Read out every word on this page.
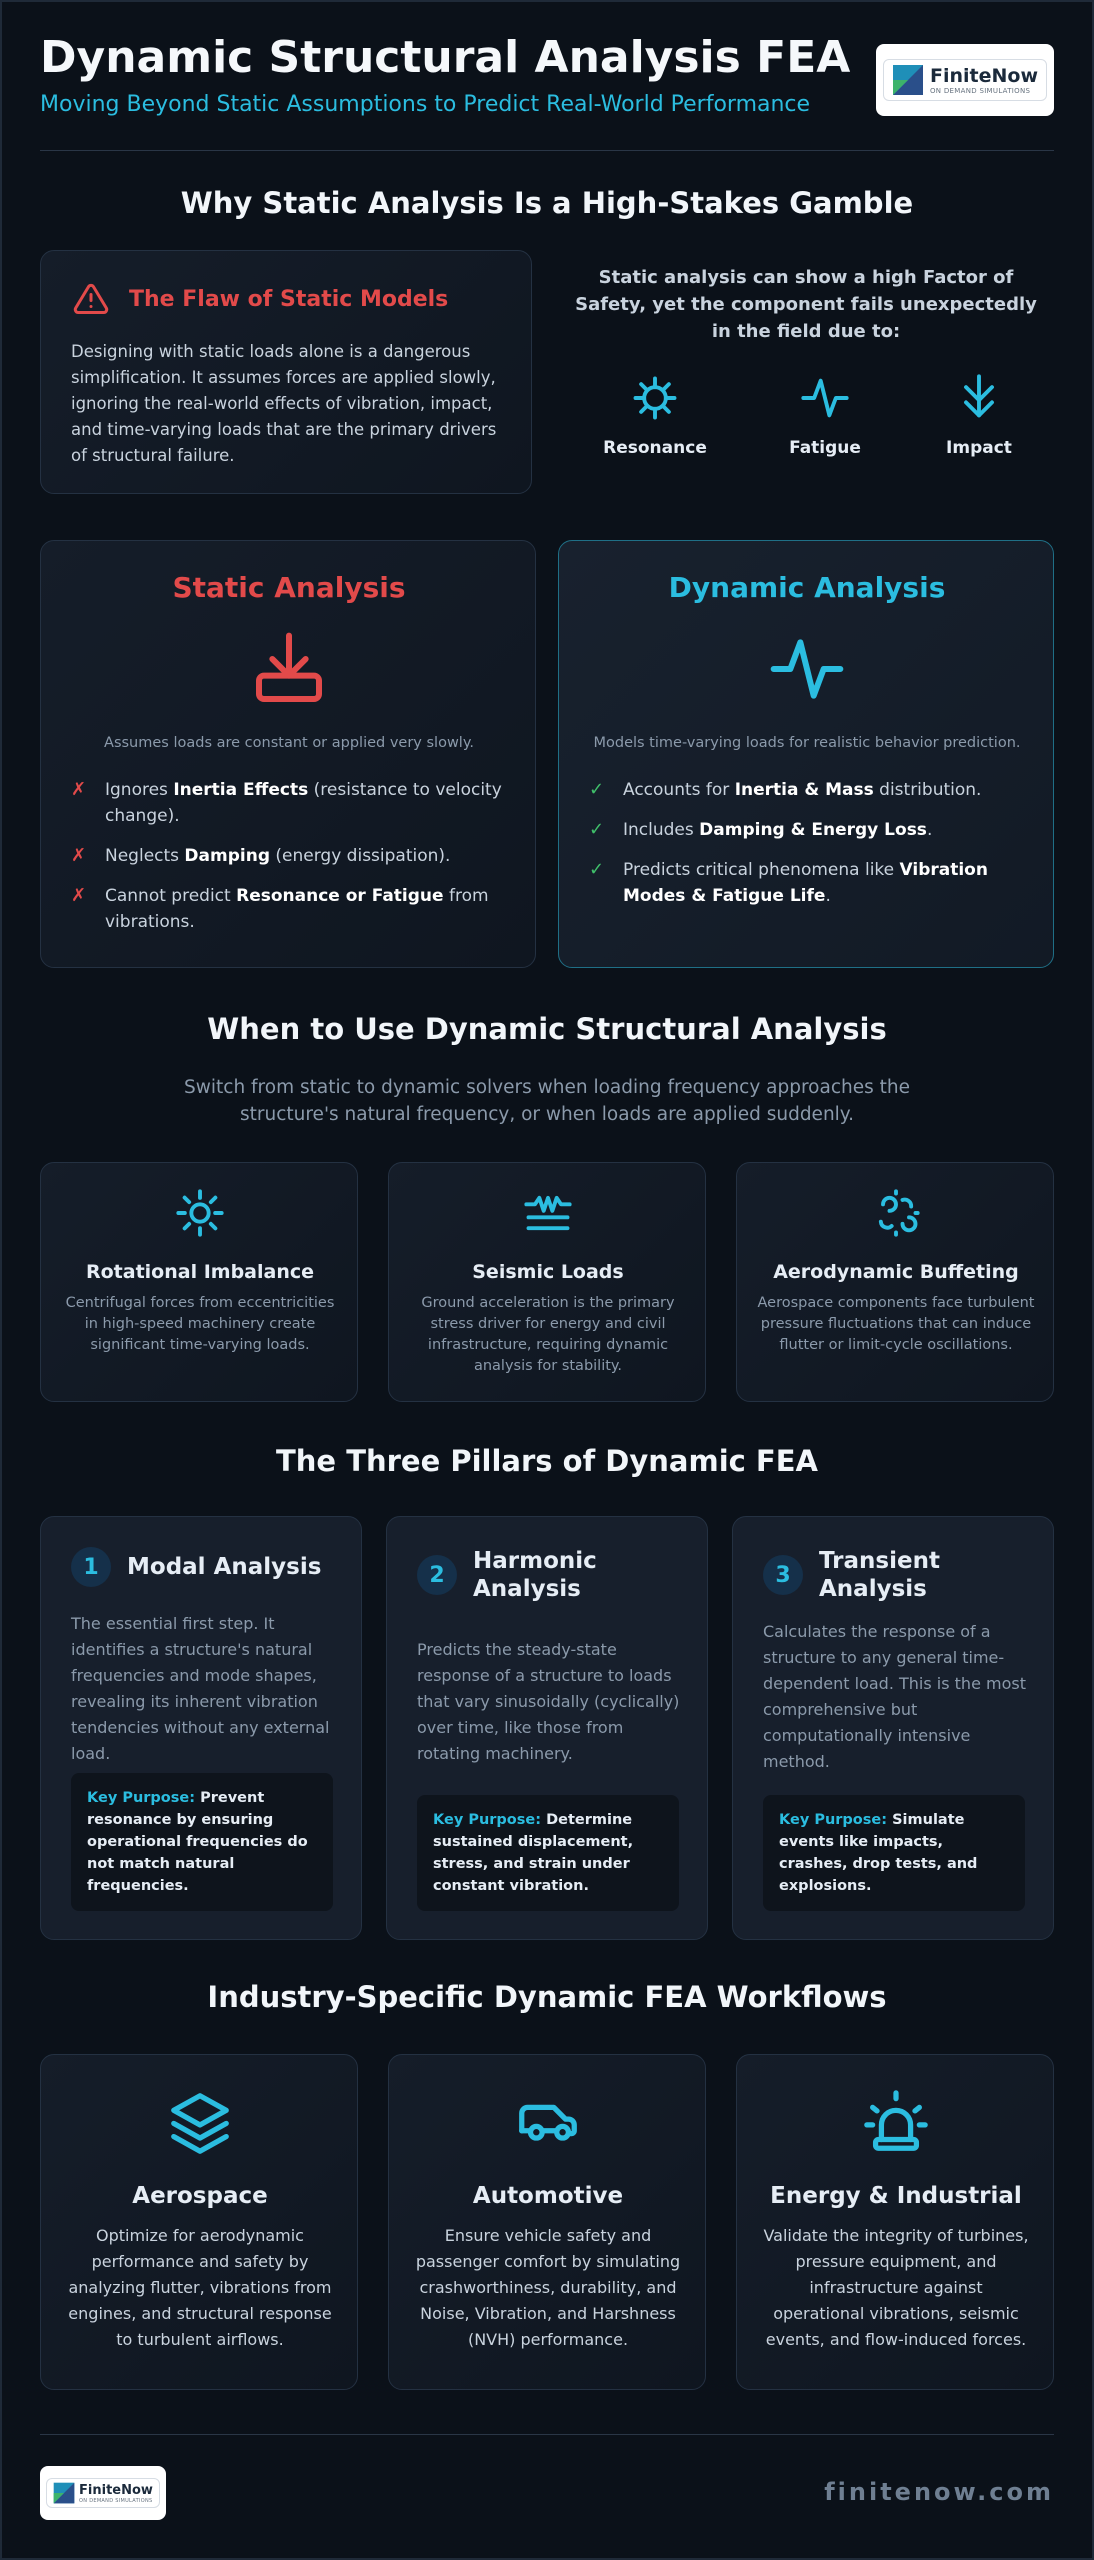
Dynamic Structural Analysis FEA
Moving Beyond Static Assumptions to Predict Real-World Performance
FiniteNow
ON DEMAND SIMULATIONS
Why Static Analysis Is a High-Stakes Gamble
The Flaw of Static Models
Designing with static loads alone is a dangerous simplification. It assumes forces are applied slowly, ignoring the real-world effects of vibration, impact, and time-varying loads that are the primary drivers of structural failure.
Static analysis can show a high Factor of Safety, yet the component fails unexpectedly in the field due to:
Resonance	Fatigue	Impact
Static Analysis
Assumes loads are constant or applied very slowly.
✗ Ignores Inertia Effects (resistance to velocity change).
✗ Neglects Damping (energy dissipation).
✗ Cannot predict Resonance or Fatigue from vibrations.
Dynamic Analysis
Models time-varying loads for realistic behavior prediction.
✓ Accounts for Inertia & Mass distribution.
✓ Includes Damping & Energy Loss.
✓ Predicts critical phenomena like Vibration Modes & Fatigue Life.
When to Use Dynamic Structural Analysis
Switch from static to dynamic solvers when loading frequency approaches the structure's natural frequency, or when loads are applied suddenly.
Rotational Imbalance
Centrifugal forces from eccentricities in high-speed machinery create significant time-varying loads.
Seismic Loads
Ground acceleration is the primary stress driver for energy and civil infrastructure, requiring dynamic analysis for stability.
Aerodynamic Buffeting
Aerospace components face turbulent pressure fluctuations that can induce flutter or limit-cycle oscillations.
The Three Pillars of Dynamic FEA
1	Modal Analysis
The essential first step. It identifies a structure's natural frequencies and mode shapes, revealing its inherent vibration tendencies without any external load.
Key Purpose: Prevent resonance by ensuring operational frequencies do not match natural frequencies.
2
Harmonic Analysis
Predicts the steady-state response of a structure to loads that vary sinusoidally (cyclically) over time, like those from rotating machinery.
Key Purpose: Determine sustained displacement, stress, and strain under constant vibration.
3
Transient Analysis
Calculates the response of a structure to any general time-dependent load. This is the most comprehensive but computationally intensive method.
Key Purpose: Simulate events like impacts, crashes, drop tests, and explosions.
Industry-Specific Dynamic FEA Workflows
Aerospace
Optimize for aerodynamic performance and safety by analyzing flutter, vibrations from engines, and structural response to turbulent airflows.
Automotive
Ensure vehicle safety and passenger comfort by simulating crashworthiness, durability, and Noise, Vibration, and Harshness (NVH) performance.
Energy & Industrial
Validate the integrity of turbines, pressure equipment, and infrastructure against operational vibrations, seismic events, and flow-induced forces.
FiniteNow
ON DEMAND SIMULATIONS	finitenow.com
